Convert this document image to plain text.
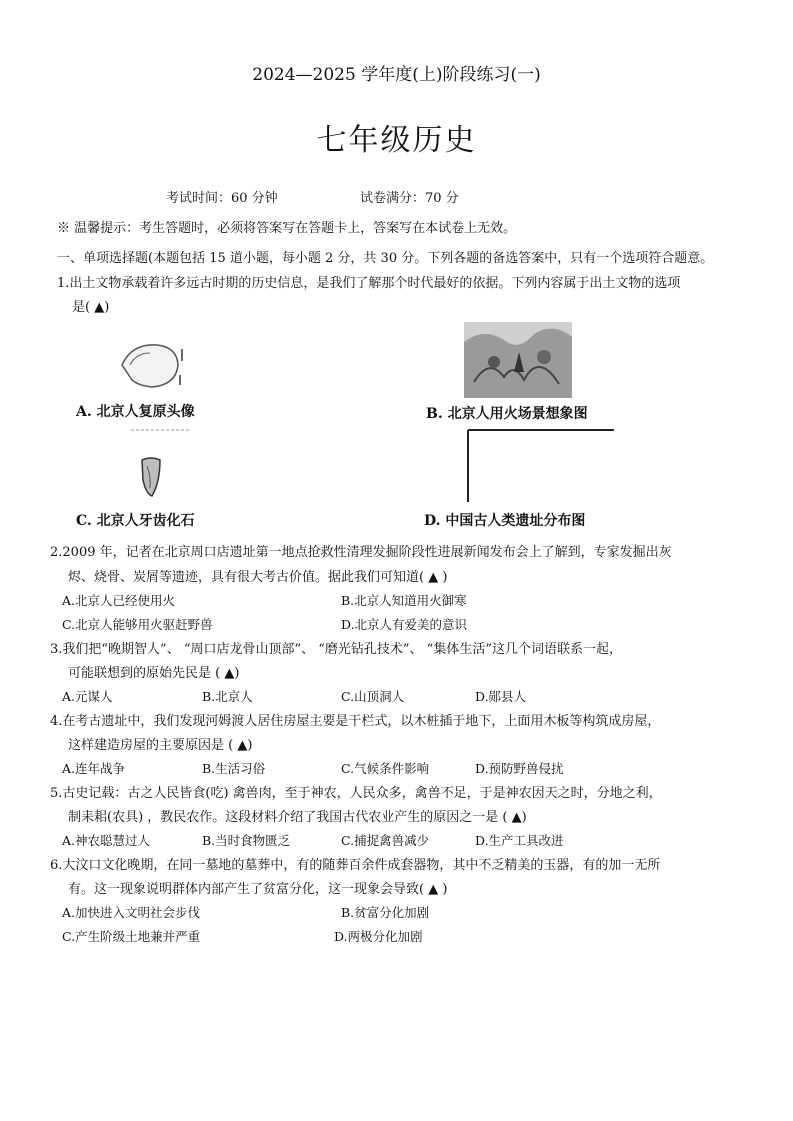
2024—2025 学年度(上)阶段练习(一)
七年级历史
考试时间：60 分钟	试卷满分：70 分
※ 温馨提示：考生答题时，必须将答案写在答题卡上，答案写在本试卷上无效。
一、单项选择题(本题包括 15 道小题，每小题 2 分，共 30 分。下列各题的备选答案中，只有一个选项符合题意。
1.出土文物承载着许多远古时期的历史信息，是我们了解那个时代最好的依据。下列内容属于出土文物的选项
是( ▲)
A. 北京人复原头像	B. 北京人用火场景想象图
C. 北京人牙齿化石	D. 中国古人类遗址分布图
2.2009 年，记者在北京周口店遗址第一地点抢救性清理发掘阶段性进展新闻发布会上了解到，专家发掘出灰
烬、烧骨、炭屑等遗迹，具有很大考古价值。据此我们可知道( ▲ )
A.北京人已经使用火	B.北京人知道用火御寒
C.北京人能够用火驱赶野兽	D.北京人有爱美的意识
3.我们把“晚期智人”、 “周口店龙骨山顶部”、 “磨光钻孔技术”、 “集体生活”这几个词语联系一起，
可能联想到的原始先民是 ( ▲)
A.元谋人	B.北京人	C.山顶洞人	D.郧县人
4.在考古遗址中，我们发现河姆渡人居住房屋主要是干栏式，以木桩插于地下，上面用木板等构筑成房屋，
这样建造房屋的主要原因是 ( ▲)
A.连年战争	B.生活习俗	C.气候条件影响	D.预防野兽侵扰
5.古史记载：古之人民皆食(吃) 禽兽肉，至于神农，人民众多，禽兽不足，于是神农因天之时，分地之利，
制耒耜(农具) ，教民农作。这段材料介绍了我国古代农业产生的原因之一是 ( ▲)
A.神农聪慧过人	B.当时食物匮乏	C.捕捉禽兽减少	D.生产工具改进
6.大汶口文化晚期，在同一墓地的墓葬中，有的随葬百余件成套器物，其中不乏精美的玉器，有的加一无所
有。这一现象说明群体内部产生了贫富分化，这一现象会导致( ▲ )
A.加快进入文明社会步伐	B.贫富分化加剧
C.产生阶级土地兼并严重	D.两极分化加剧
